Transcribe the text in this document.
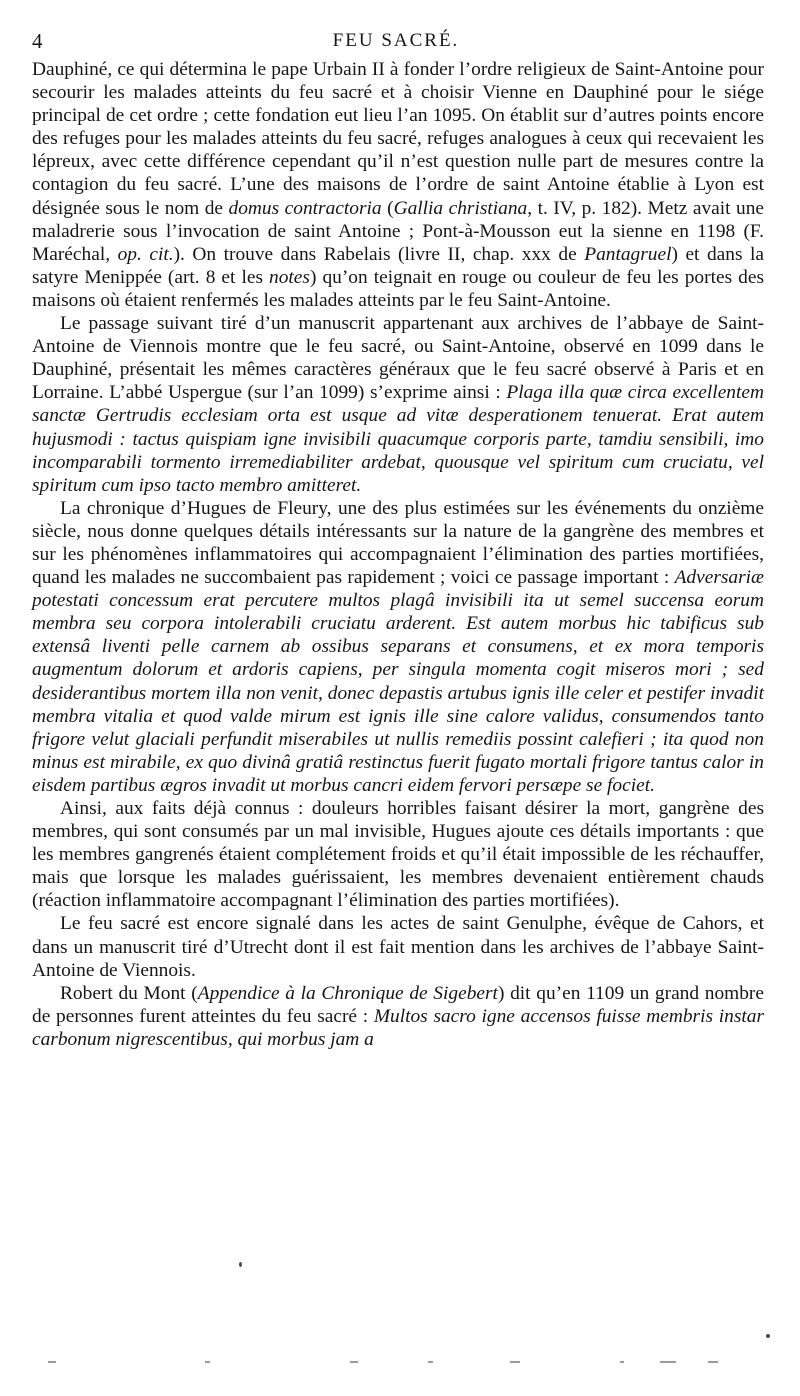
4	FEU SACRÉ.

Dauphiné, ce qui détermina le pape Urbain II à fonder l’ordre religieux de Saint-Antoine pour secourir les malades atteints du feu sacré et à choisir Vienne en Dauphiné pour le siége principal de cet ordre ; cette fondation eut lieu l’an 1095. On établit sur d’autres points encore des refuges pour les malades atteints du feu sacré, refuges analogues à ceux qui recevaient les lépreux, avec cette différence cependant qu’il n’est question nulle part de mesures contre la contagion du feu sacré. L’une des maisons de l’ordre de saint Antoine établie à Lyon est désignée sous le nom de domus contractoria (Gallia christiana, t. IV, p. 182). Metz avait une maladrerie sous l’invocation de saint Antoine ; Pont-à-Mousson eut la sienne en 1198 (F. Maréchal, op. cit.). On trouve dans Rabelais (livre II, chap. xxx de Pantagruel) et dans la satyre Menippée (art. 8 et les notes) qu’on teignait en rouge ou couleur de feu les portes des maisons où étaient renfermés les malades atteints par le feu Saint-Antoine.

Le passage suivant tiré d’un manuscrit appartenant aux archives de l’abbaye de Saint-Antoine de Viennois montre que le feu sacré, ou Saint-Antoine, observé en 1099 dans le Dauphiné, présentait les mêmes caractères généraux que le feu sacré observé à Paris et en Lorraine. L’abbé Uspergue (sur l’an 1099) s’exprime ainsi : Plaga illa quæ circa excellentem sanctæ Gertrudis ecclesiam orta est usque ad vitæ desperationem tenuerat. Erat autem hujusmodi : tactus quispiam igne invisibili quacumque corporis parte, tamdiu sensibili, imo incomparabili tormento irremediabiliter ardebat, quousque vel spiritum cum cruciatu, vel spiritum cum ipso tacto membro amitteret.

La chronique d’Hugues de Fleury, une des plus estimées sur les événements du onzième siècle, nous donne quelques détails intéressants sur la nature de la gangrène des membres et sur les phénomènes inflammatoires qui accompagnaient l’élimination des parties mortifiées, quand les malades ne succombaient pas rapidement ; voici ce passage important : Adversariæ potestati concessum erat percutere multos plagâ invisibili ita ut semel succensa eorum membra seu corpora intolerabili cruciatu arderent. Est autem morbus hic tabificus sub extensâ liventi pelle carnem ab ossibus separans et consumens, et ex mora temporis augmentum dolorum et ardoris capiens, per singula momenta cogit miseros mori ; sed desiderantibus mortem illa non venit, donec depastis artubus ignis ille celer et pestifer invadit membra vitalia et quod valde mirum est ignis ille sine calore validus, consumendos tanto frigore velut glaciali perfundit miserabiles ut nullis remediis possint calefieri ; ita quod non minus est mirabile, ex quo divinâ gratiâ restinctus fuerit fugato mortali frigore tantus calor in eisdem partibus ægros invadit ut morbus cancri eidem fervori persæpe se fociet.

Ainsi, aux faits déjà connus : douleurs horribles faisant désirer la mort, gangrène des membres, qui sont consumés par un mal invisible, Hugues ajoute ces détails importants : que les membres gangrenés étaient complétement froids et qu’il était impossible de les réchauffer, mais que lorsque les malades guérissaient, les membres devenaient entièrement chauds (réaction inflammatoire accompagnant l’élimination des parties mortifiées).

Le feu sacré est encore signalé dans les actes de saint Genulphe, évêque de Cahors, et dans un manuscrit tiré d’Utrecht dont il est fait mention dans les archives de l’abbaye Saint-Antoine de Viennois.

Robert du Mont (Appendice à la Chronique de Sigebert) dit qu’en 1109 un grand nombre de personnes furent atteintes du feu sacré : Multos sacro igne accensos fuisse membris instar carbonum nigrescentibus, qui morbus jam a
